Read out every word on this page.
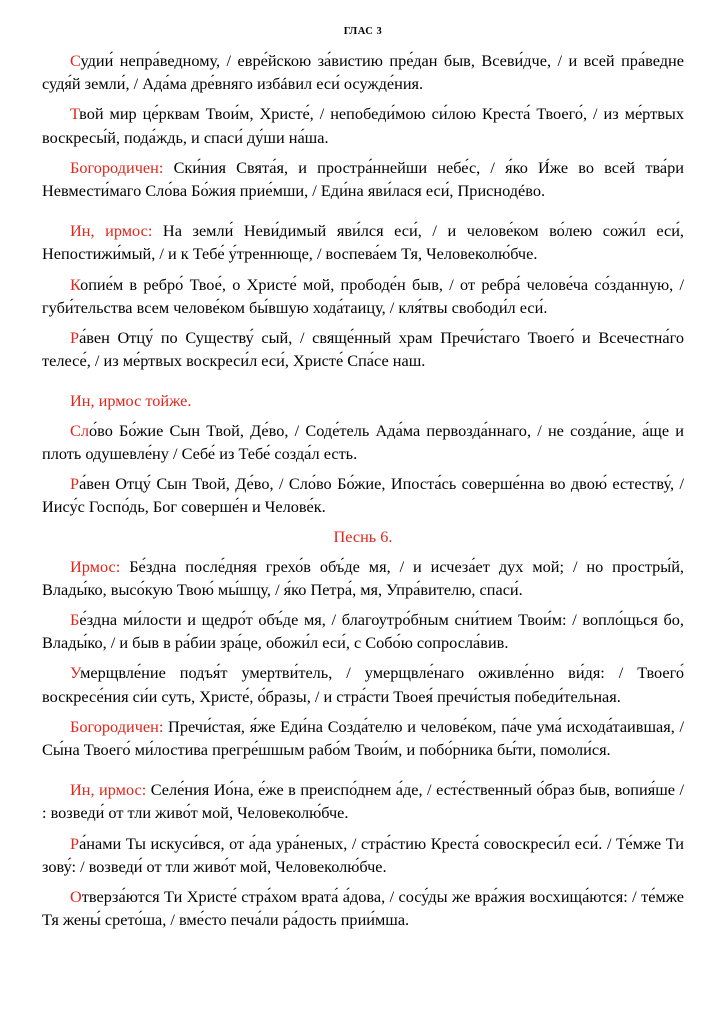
ГЛАС 3

Судии́ непра́ведному, / евре́йскою за́вистию пре́дан быв, Всеви́дче, / и всей пра́ведне судя́й земли́, / Ада́ма дре́вняго избáвил еси́ осужде́ния.

Твой мир це́рквам Твои́м, Христе́, / непобеди́мою си́лою Креста́ Твоего́, / из ме́ртвых воскресы́й, пода́ждь, и спаси́ ду́ши на́ша.

Богородичен: Ски́ния Свята́я, и простра́ннейши небе́с, / я́ко И́же во всей тва́ри Невмести́маго Сло́ва Бо́жия прие́мши, / Еди́на яви́лася еси́, Приснодéво.

Ин, ирмос: На земли́ Неви́димый яви́лся еси́, / и челове́ком во́лею сожи́л еси́, Непостижи́мый, / и к Тебе́ у́треннюще, / воспева́ем Тя, Человеколю́бче.

Копие́м в ребро́ Твое́, о Христе́ мой, прободе́н быв, / от ребра́ челове́ча со́зданную, / губи́тельства всем челове́ком бы́вшую хода́таицу, / кля́твы свободи́л еси́.

Ра́вен Отцу́ по Существу́ сый, / свяще́нный храм Пречи́стаго Твоего́ и Всечестна́го телесе́, / из ме́ртвых воскреси́л еси́, Христе́ Спа́се наш.

Ин, ирмос тойже.

Сло́во Бо́жие Сын Твой, Де́во, / Соде́тель Ада́ма первозда́ннаго, / не созда́ние, а́ще и плоть одушевле́ну / Себе́ из Тебе́ созда́л есть.

Ра́вен Отцу́ Сын Твой, Де́во, / Сло́во Бо́жие, Ипоста́сь соверше́нна во двою́ естеству́, / Иису́с Госпо́дь, Бог соверше́н и Челове́к.

Песнь 6.

Ирмос: Бе́здна после́дняя грехо́в объ́де мя, / и исчеза́ет дух мой; / но простры́й, Влады́ко, высо́кую Твою́ мы́шцу, / я́ко Петра́, мя, Упра́вителю, спаси́.

Бе́здна ми́лости и щедро́т объ́де мя, / благоутро́бным сни́тием Твои́м: / вопло́щься бо, Влады́ко, / и быв в ра́бии зра́це, обожи́л еси́, с Собо́ю сопросла́вив.

Умерщвле́ние подъя́т умертви́тель, / умерщвле́наго оживле́нно ви́дя: / Твоего́ воскресе́ния си́и суть, Христе́, о́бразы, / и стра́сти Твоея́ пречи́стыя победи́тельная.

Богородичен: Пречи́стая, я́же Еди́на Созда́телю и челове́ком, па́че ума́ исхода́таившая, / Сы́на Твоего́ ми́лостива прегре́шшым рабо́м Твои́м, и побо́рника бы́ти, помоли́ся.

Ин, ирмос: Селе́ния Ио́на, е́же в преиспо́днем а́де, / есте́ственный о́браз быв, вопия́ше / : возведи́ от тли живо́т мой, Человеколю́бче.

Ра́нами Ты искуси́вся, от а́да ура́неных, / стра́стию Креста́ совоскреси́л еси́. / Те́мже Ти зову́: / возведи́ от тли живо́т мой, Человеколю́бче.

Отверза́ются Ти Христе́ стра́хом врата́ а́дова, / сосу́ды же вра́жия восхища́ются: / те́мже Тя жены́ срето́ша, / вме́сто печа́ли ра́дость прии́мша.
